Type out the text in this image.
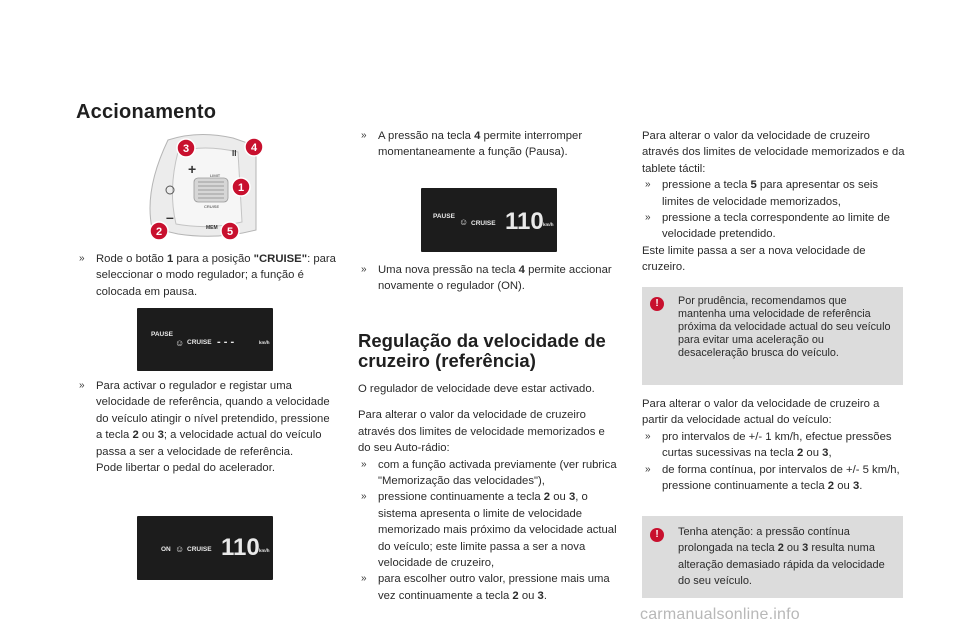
Accionamento
+
–
II
MEM
LIMIT
CRUISE
3	4
1
2	5
» Rode o botão 1 para a posição "CRUISE": para seleccionar o modo regulador; a função é colocada em pausa.
PAUSE
☺ CRUISE - - -	km/h
» Para activar o regulador e registar uma velocidade de referência, quando a velocidade do veículo atingir o nível pretendido, pressione a tecla 2 ou 3; a velocidade actual do veículo passa a ser a velocidade de referência.
Pode libertar o pedal do acelerador.
ON ☺ CRUISE 110 km/h
» A pressão na tecla 4 permite interromper momentaneamente a função (Pausa).
PAUSE
☺ CRUISE 110 km/h
» Uma nova pressão na tecla 4 permite accionar novamente o regulador (ON).
Regulação da velocidade de cruzeiro (referência)
O regulador de velocidade deve estar activado.
Para alterar o valor da velocidade de cruzeiro através dos limites de velocidade memorizados e do seu Auto-rádio:
» com a função activada previamente (ver rubrica "Memorização das velocidades"),
» pressione continuamente a tecla 2 ou 3, o sistema apresenta o limite de velocidade memorizado mais próximo da velocidade actual do veículo; este limite passa a ser a nova velocidade de cruzeiro,
» para escolher outro valor, pressione mais uma vez continuamente a tecla 2 ou 3.
Para alterar o valor da velocidade de cruzeiro através dos limites de velocidade memorizados e da tablete táctil:
» pressione a tecla 5 para apresentar os seis limites de velocidade memorizados,
» pressione a tecla correspondente ao limite de velocidade pretendido.
Este limite passa a ser a nova velocidade de cruzeiro.
!	Por prudência, recomendamos que mantenha uma velocidade de referência próxima da velocidade actual do seu veículo para evitar uma aceleração ou desaceleração brusca do veículo.
Para alterar o valor da velocidade de cruzeiro a partir da velocidade actual do veículo:
» pro intervalos de +/- 1 km/h, efectue pressões curtas sucessivas na tecla 2 ou 3,
» de forma contínua, por intervalos de +/- 5 km/h, pressione continuamente a tecla 2 ou 3.
!	Tenha atenção: a pressão contínua prolongada na tecla 2 ou 3 resulta numa alteração demasiado rápida da velocidade do seu veículo.
carmanualsonline.info
